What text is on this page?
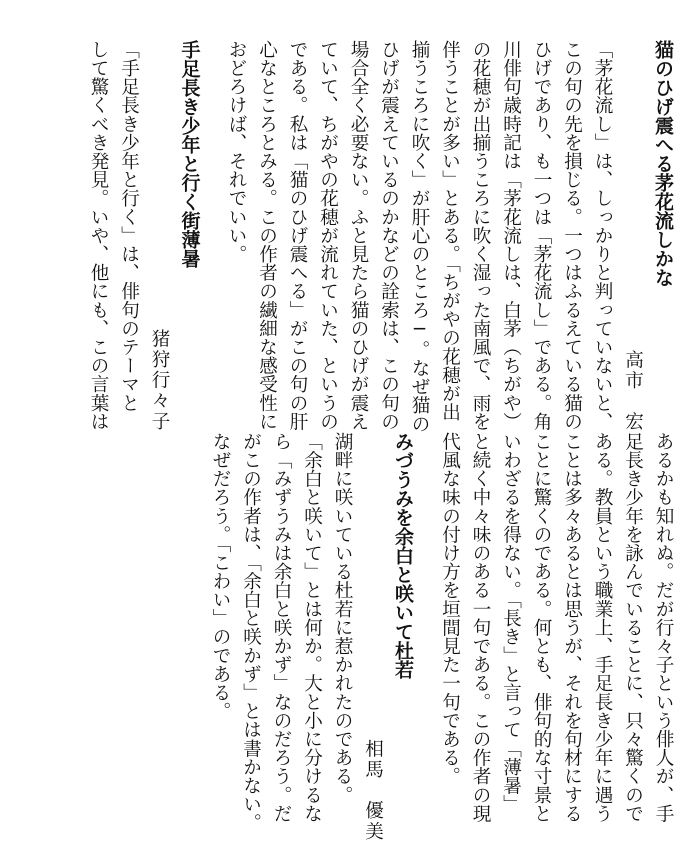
猫のひげ震へる茅花流しかな

高市　宏

「茅花流し」は、しっかりと判っていないと、

この句の先を損じる。一つはふるえている猫の

ひげであり、も一つは「茅花流し」である。角

川俳句歳時記は「茅花流しは、白茅（ちがや）

の花穂が出揃うころに吹く湿った南風で、雨を

伴うことが多い」とある。「ちがやの花穂が出

揃うころに吹く」が肝心のところ─。なぜ猫の

ひげが震えているのかなどの詮索は、この句の

場合全く必要ない。ふと見たら猫のひげが震え

ていて、ちがやの花穂が流れていた、というの

である。私は「猫のひげ震へる」がこの句の肝

心なところとみる。この作者の繊細な感受性に

おどろけば、それでいい。

手足長き少年と行く街薄暑

猪狩行々子

「手足長き少年と行く」は、俳句のテーマと

して驚くべき発見。いや、他にも、この言葉は

あるかも知れぬ。だが行々子という俳人が、手

足長き少年を詠んでいることに、只々驚くので

ある。教員という職業上、手足長き少年に遇う

ことは多々あるとは思うが、それを句材にする

ことに驚くのである。何とも、俳句的な寸景と

いわざるを得ない。「長き」と言って「薄暑」

と続く中々味のある一句である。この作者の現

代風な味の付け方を垣間見た一句である。

みづうみを余白と咲いて杜若

相馬　優美

湖畔に咲いている杜若に惹かれたのである。

「余白と咲いて」とは何か。大と小に分けるな

ら「みずうみは余白と咲かず」なのだろう。だ

がこの作者は、「余白と咲かず」とは書かない。

なぜだろう。「こわい」のである。
